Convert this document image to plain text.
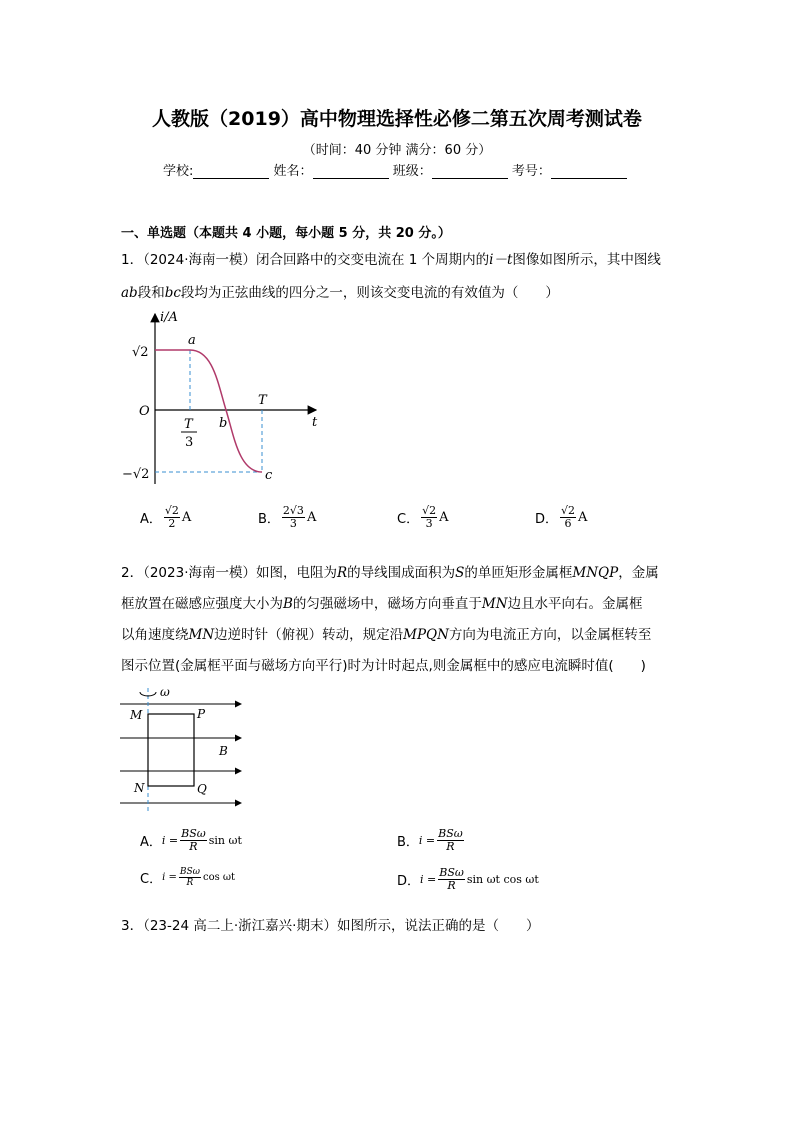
人教版（2019）高中物理选择性必修二第五次周考测试卷
（时间：40 分钟 满分：60 分）
学校:	姓名：	班级：	考号：
一、单选题（本题共 4 小题，每小题 5 分，共 20 分。）
1．（2024·海南一模）闭合回路中的交变电流在 1 个周期内的i－t图像如图所示，其中图线
ab段和bc段均为正弦曲线的四分之一，则该交变电流的有效值为（　　）
i/A
t
O
√2
−√2
a
b
c
T
T
3
A． $\frac{√2}{2}$ A	B． $\frac{2√3}{3}$ A	C． $\frac{√2}{3}$ A	D． $\frac{√2}{6}$ A
2．（2023·海南一模）如图，电阻为R的导线围成面积为S的单匝矩形金属框MNQP，金属
框放置在磁感应强度大小为B的匀强磁场中，磁场方向垂直于MN边且水平向右。金属框
以角速度绕MN边逆时针（俯视）转动，规定沿MPQN方向为电流正方向，以金属框转至
图示位置(金属框平面与磁场方向平行)时为计时起点,则金属框中的感应电流瞬时值(　　)
ω
M	P
N	Q
B
A． $i = \frac{\text{BSω}}{R}$ sin ωt	B． $i = \frac{\text{BSω}}{R}$
C． $i = \frac{\text{BSω}}{R}$ cos ωt	D． $i = \frac{\text{BSω}}{R}$ sin ωt cos ωt
3．（23-24 高二上·浙江嘉兴·期末）如图所示，说法正确的是（　　）
